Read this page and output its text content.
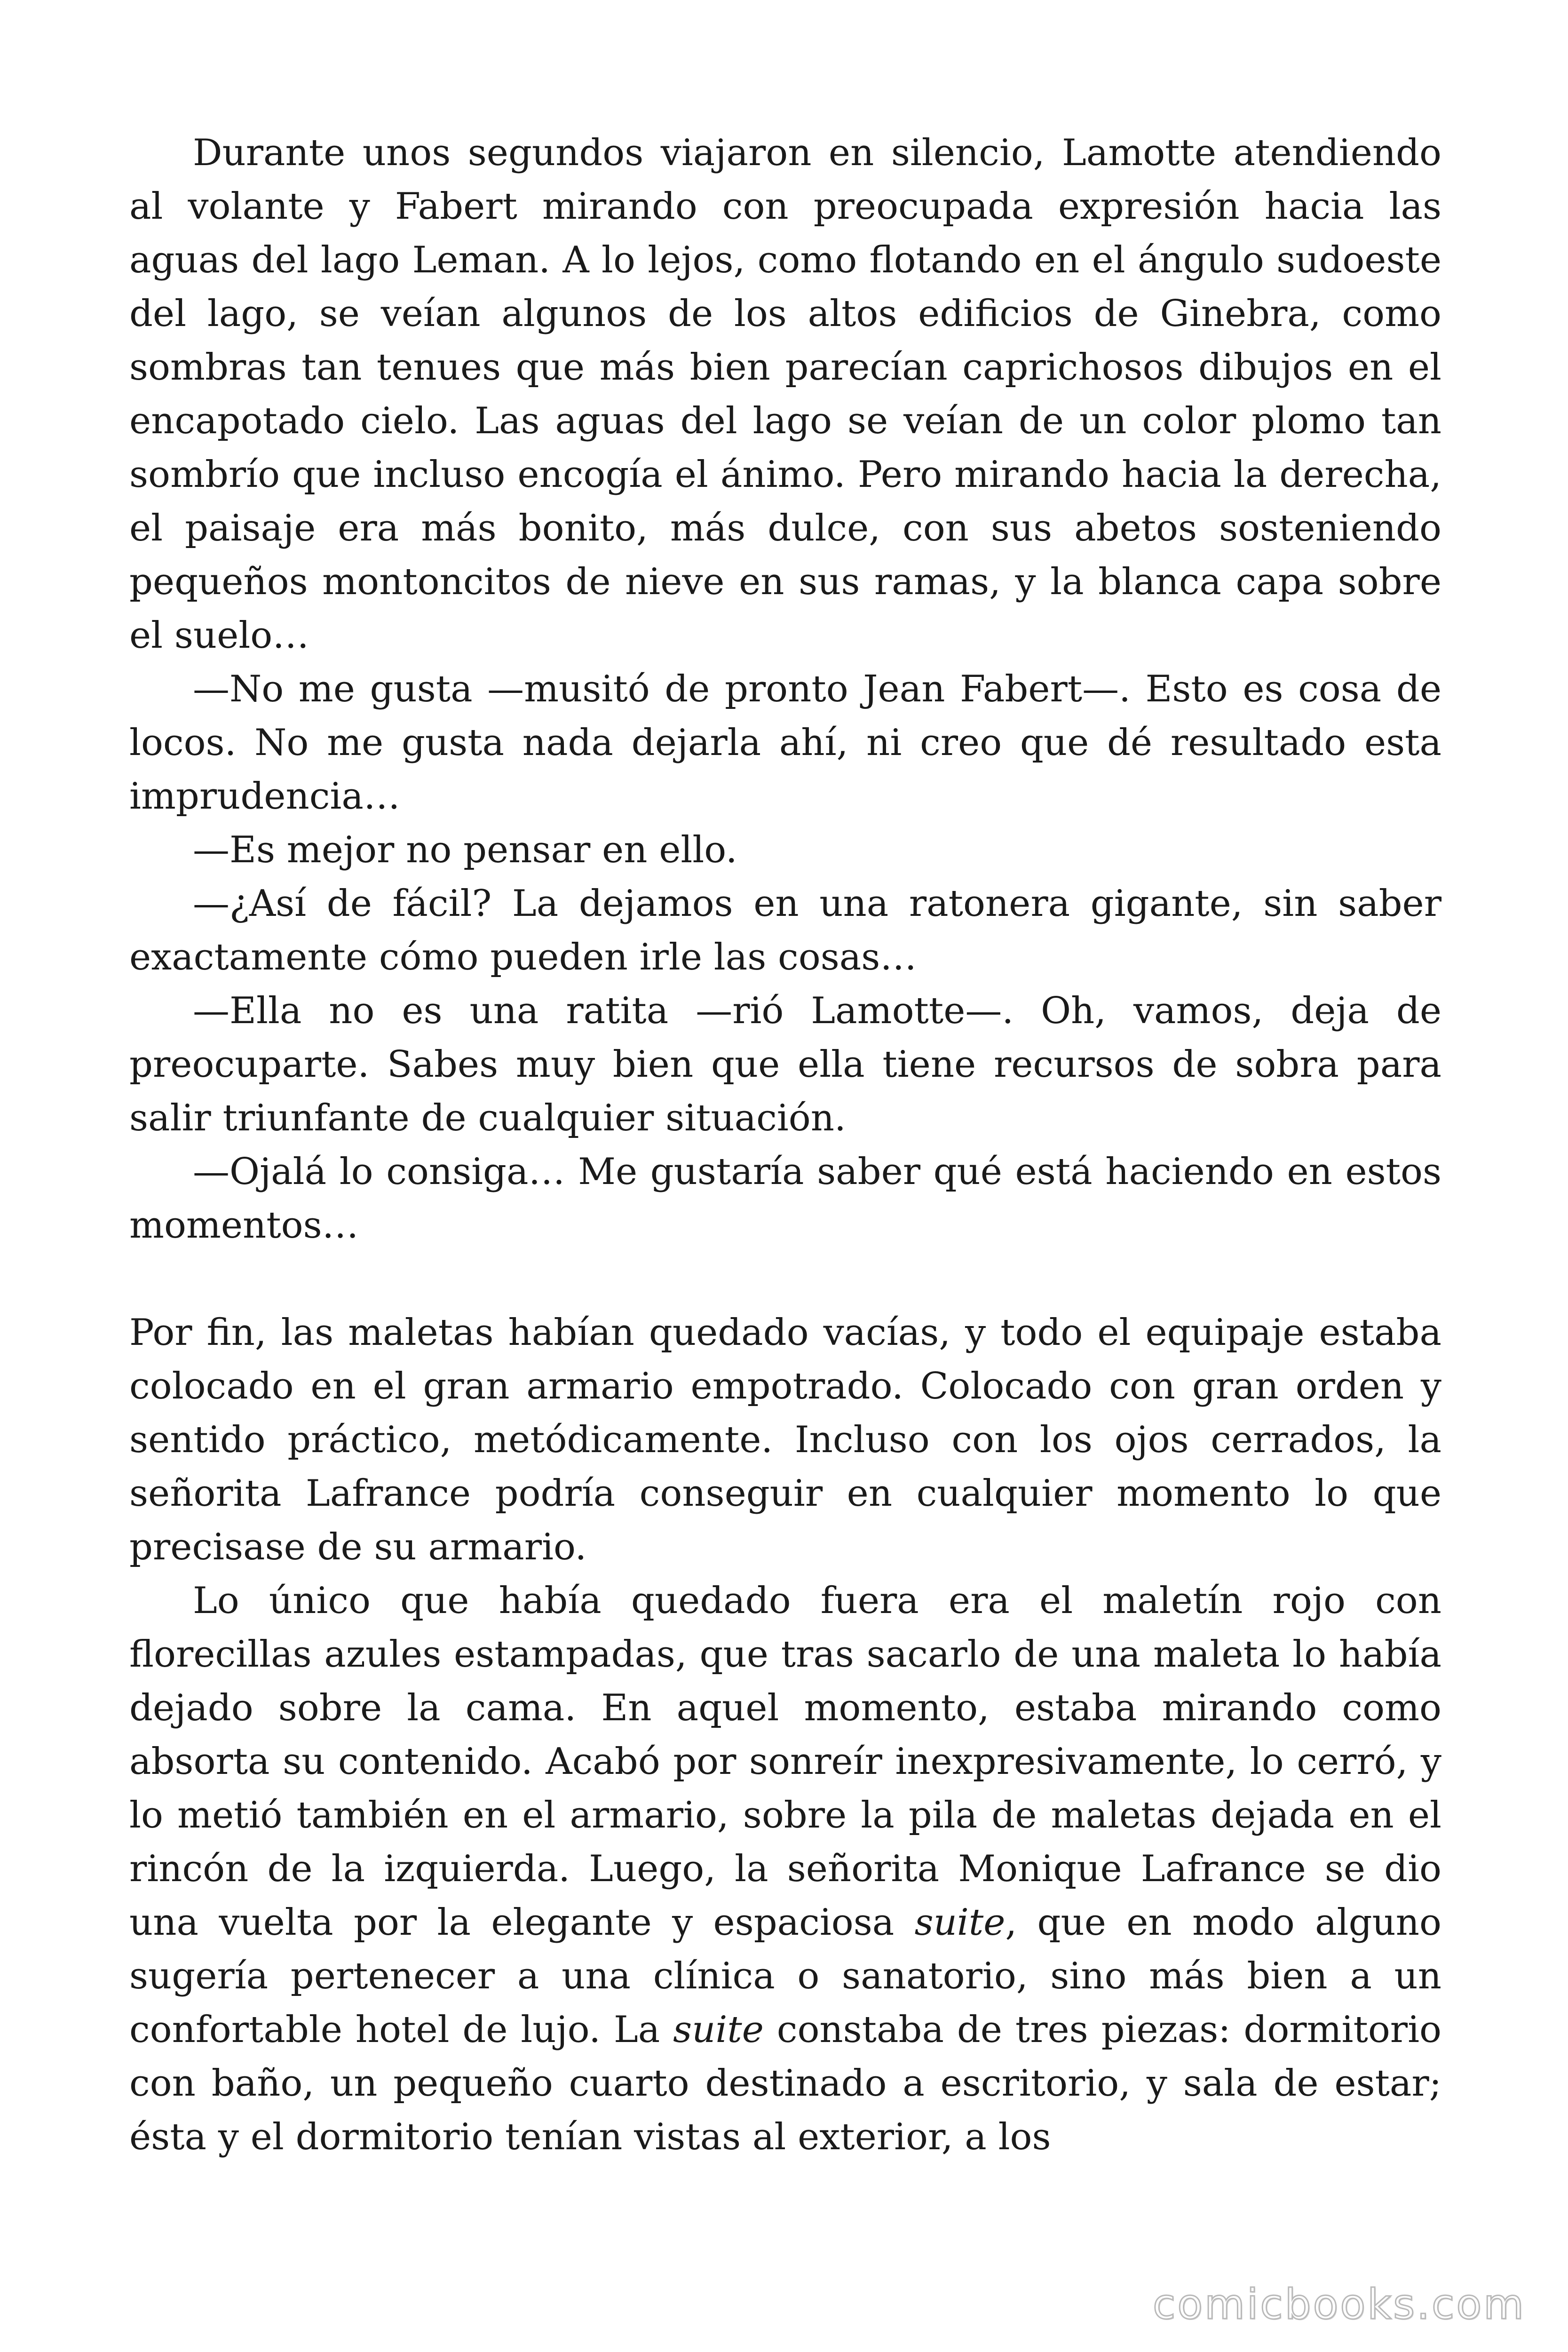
Durante unos segundos viajaron en silencio, Lamotte atendiendo al volante y Fabert mirando con preocupada expresión hacia las aguas del lago Leman. A lo lejos, como flotando en el ángulo sudoeste del lago, se veían algunos de los altos edificios de Ginebra, como sombras tan tenues que más bien parecían caprichosos dibujos en el encapotado cielo. Las aguas del lago se veían de un color plomo tan sombrío que incluso encogía el ánimo. Pero mirando hacia la derecha, el paisaje era más bonito, más dulce, con sus abetos sosteniendo pequeños montoncitos de nieve en sus ramas, y la blanca capa sobre el suelo…

—No me gusta —musitó de pronto Jean Fabert—. Esto es cosa de locos. No me gusta nada dejarla ahí, ni creo que dé resultado esta imprudencia…

—Es mejor no pensar en ello.

—¿Así de fácil? La dejamos en una ratonera gigante, sin saber exactamente cómo pueden irle las cosas…

—Ella no es una ratita —rió Lamotte—. Oh, vamos, deja de preocuparte. Sabes muy bien que ella tiene recursos de sobra para salir triunfante de cualquier situación.

—Ojalá lo consiga… Me gustaría saber qué está haciendo en estos momentos…

Por fin, las maletas habían quedado vacías, y todo el equipaje estaba colocado en el gran armario empotrado. Colocado con gran orden y sentido práctico, metódicamente. Incluso con los ojos cerrados, la señorita Lafrance podría conseguir en cualquier momento lo que precisase de su armario.

Lo único que había quedado fuera era el maletín rojo con florecillas azules estampadas, que tras sacarlo de una maleta lo había dejado sobre la cama. En aquel momento, estaba mirando como absorta su contenido. Acabó por sonreír inexpresivamente, lo cerró, y lo metió también en el armario, sobre la pila de maletas dejada en el rincón de la izquierda. Luego, la señorita Monique Lafrance se dio una vuelta por la elegante y espaciosa suite, que en modo alguno sugería pertenecer a una clínica o sanatorio, sino más bien a un confortable hotel de lujo. La suite constaba de tres piezas: dormitorio con baño, un pequeño cuarto destinado a escritorio, y sala de estar; ésta y el dormitorio tenían vistas al exterior, a los

comicbooks.com
